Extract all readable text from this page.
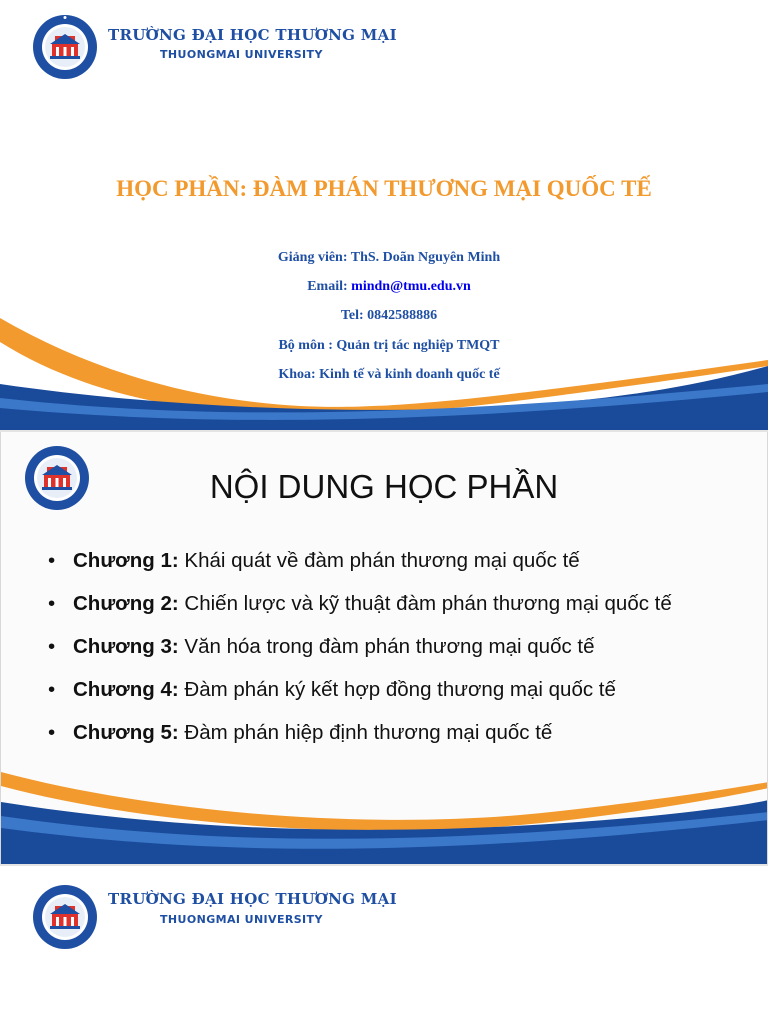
TRƯỜNG ĐẠI HỌC THƯƠNG MẠI
THUONGMAI UNIVERSITY
HỌC PHẦN: ĐÀM PHÁN THƯƠNG MẠI QUỐC TẾ
Giảng viên: ThS. Doãn Nguyên Minh
Email: mindn@tmu.edu.vn
Tel: 0842588886
Bộ môn : Quản trị tác nghiệp TMQT
Khoa: Kinh tế và kinh doanh quốc tế
NỘI DUNG HỌC PHẦN
• Chương 1: Khái quát về đàm phán thương mại quốc tế
• Chương 2: Chiến lược và kỹ thuật đàm phán thương mại quốc tế
• Chương 3: Văn hóa trong đàm phán thương mại quốc tế
• Chương 4: Đàm phán ký kết hợp đồng thương mại quốc tế
• Chương 5: Đàm phán hiệp định thương mại quốc tế
TRƯỜNG ĐẠI HỌC THƯƠNG MẠI
THUONGMAI UNIVERSITY
